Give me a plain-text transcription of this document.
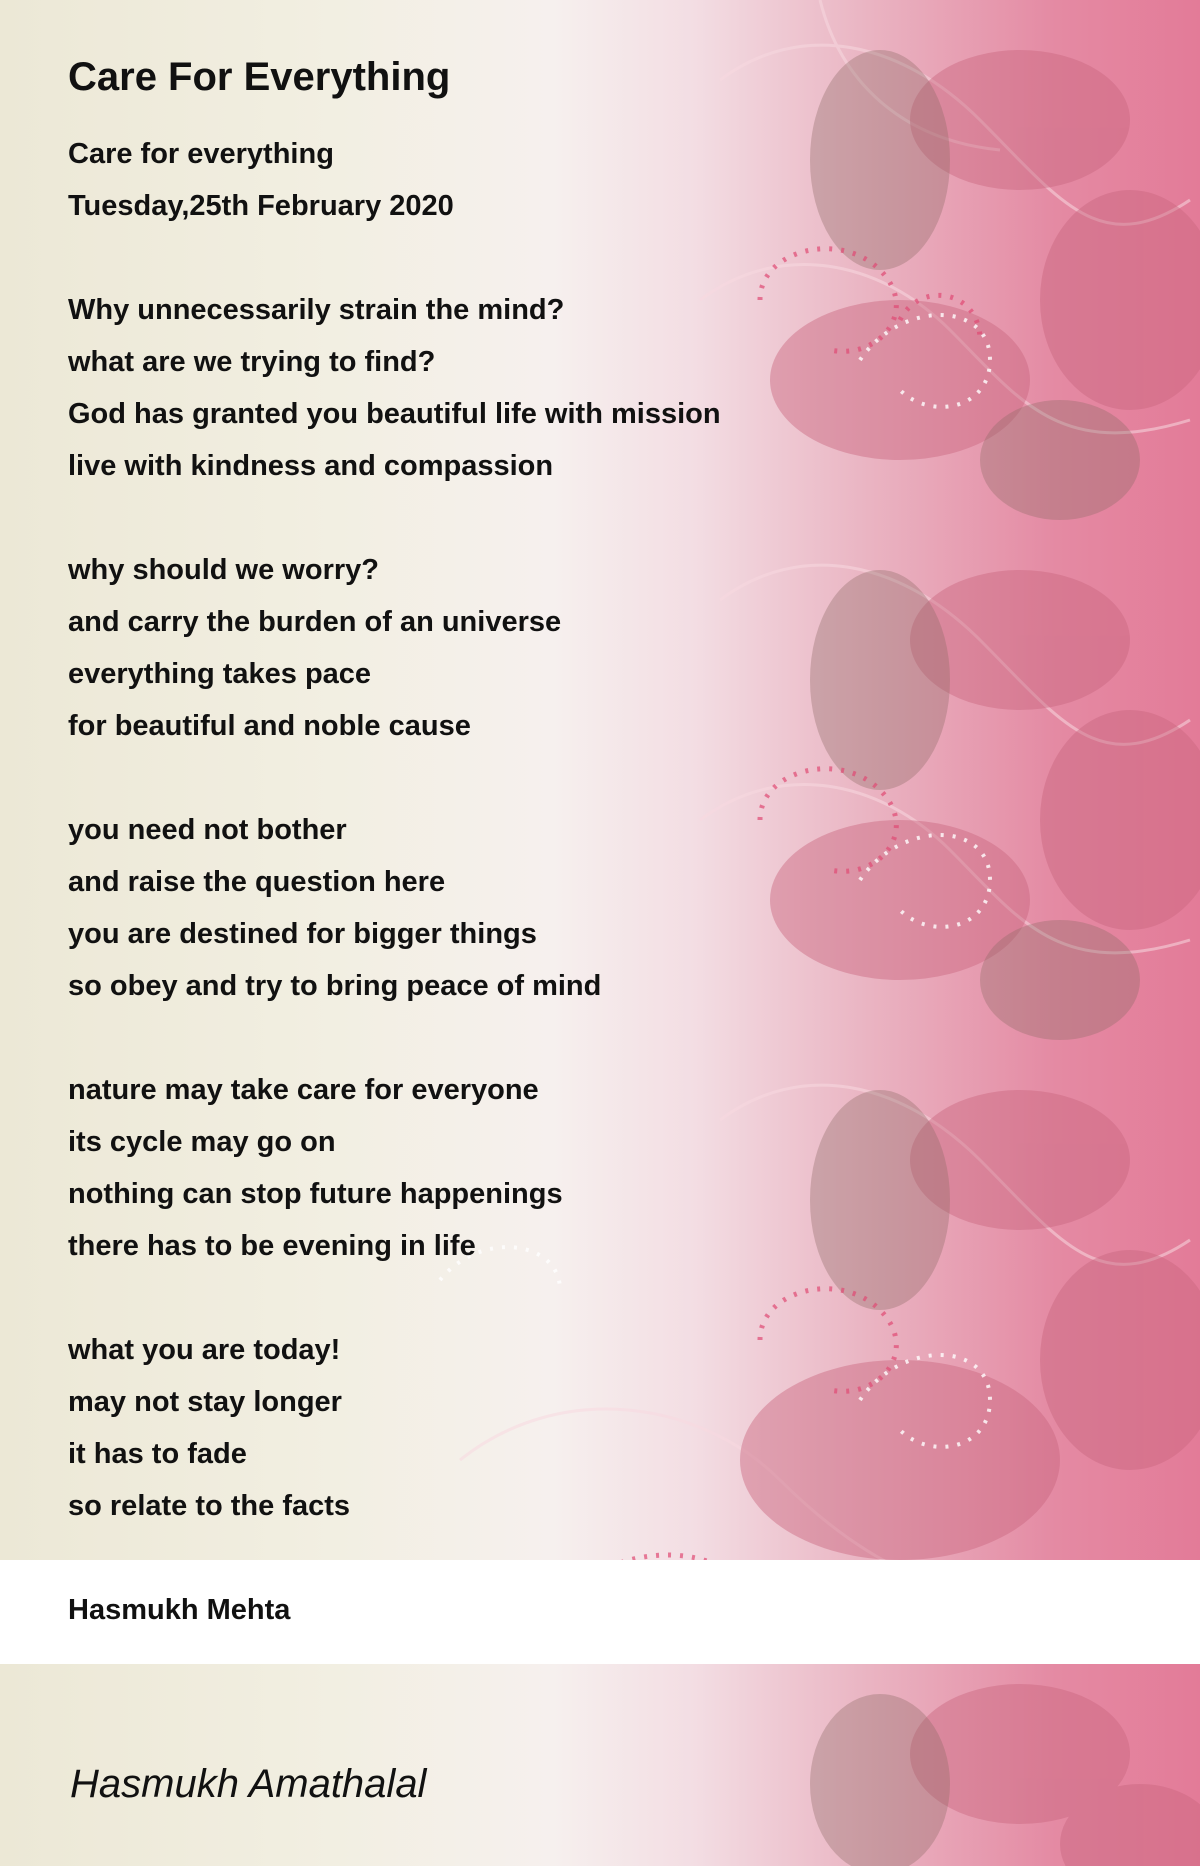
Care For Everything
Care for everything
Tuesday,25th February 2020
Why unnecessarily strain the mind?
what are we trying to find?
God has granted you beautiful life with mission
live with kindness and compassion
why should we worry?
and carry the burden of an universe
everything takes pace
for beautiful and noble cause
you need not bother
and raise the question here
you are destined for bigger things
so obey and try to bring peace of mind
nature may take care for everyone
its cycle may go on
nothing can stop future happenings
there has to be evening in life
what you are today!
may not stay longer
it has to fade
so relate to the facts

Hasmukh Mehta

Hasmukh Amathalal
